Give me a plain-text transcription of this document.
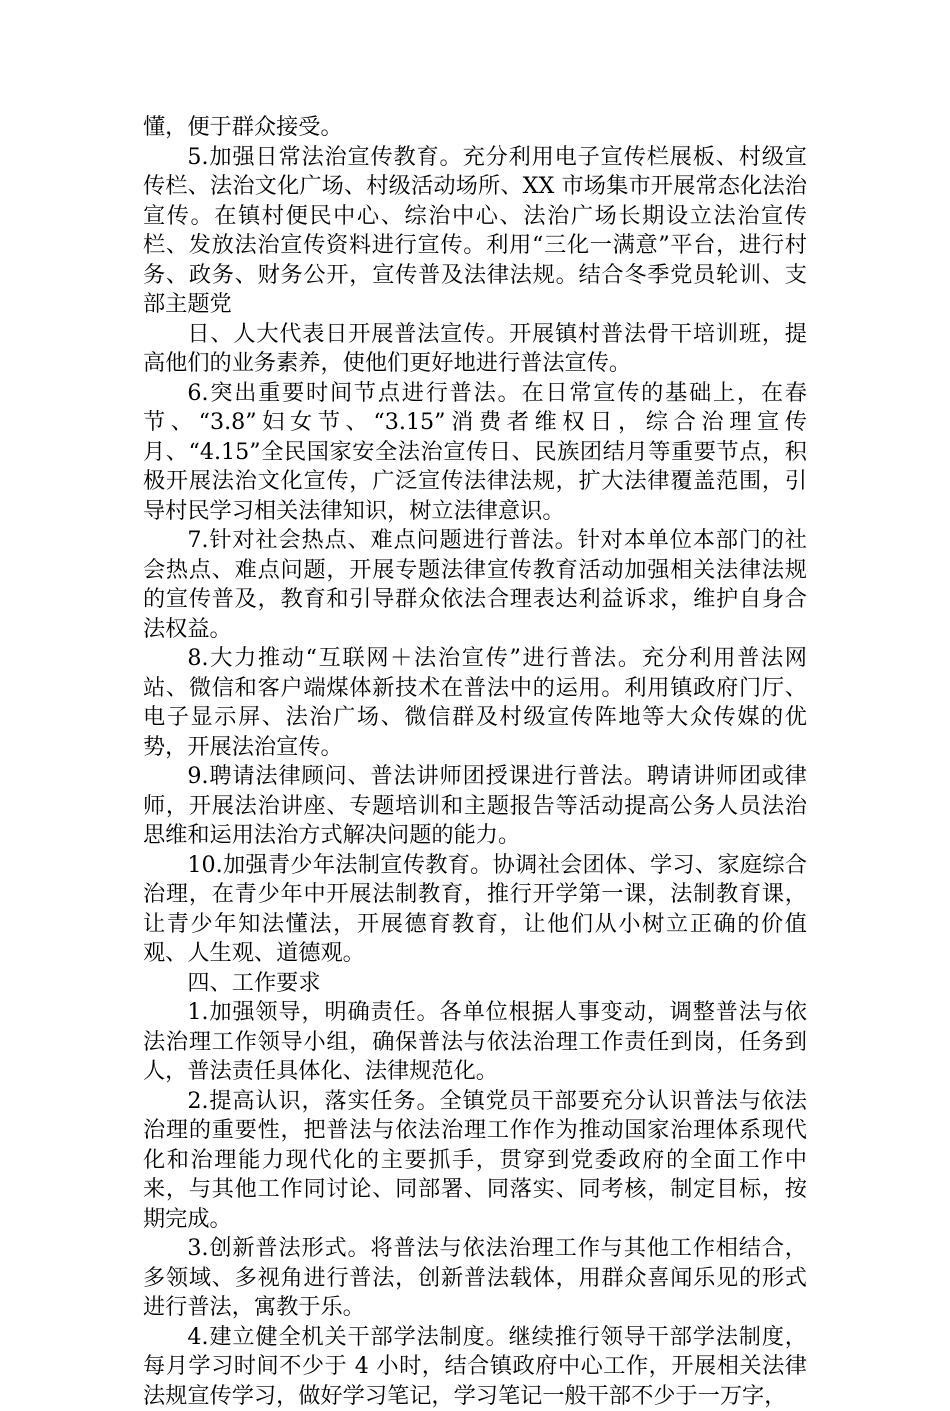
懂，便于群众接受。

5.加强日常法治宣传教育。充分利用电子宣传栏展板、村级宣传栏、法治文化广场、村级活动场所、XX 市场集市开展常态化法治宣传。在镇村便民中心、综治中心、法治广场长期设立法治宣传栏、发放法治宣传资料进行宣传。利用“三化一满意”平台，进行村务、政务、财务公开，宣传普及法律法规。结合冬季党员轮训、支部主题党

日、人大代表日开展普法宣传。开展镇村普法骨干培训班，提高他们的业务素养，使他们更好地进行普法宣传。

6.突出重要时间节点进行普法。在日常宣传的基础上，在春节、“3.8”妇女节、“3.15”消费者维权日，综合治理宣传月、“4.15”全民国家安全法治宣传日、民族团结月等重要节点，积极开展法治文化宣传，广泛宣传法律法规，扩大法律覆盖范围，引导村民学习相关法律知识，树立法律意识。

7.针对社会热点、难点问题进行普法。针对本单位本部门的社会热点、难点问题，开展专题法律宣传教育活动加强相关法律法规的宣传普及，教育和引导群众依法合理表达利益诉求，维护自身合法权益。

8.大力推动“互联网＋法治宣传”进行普法。充分利用普法网站、微信和客户端煤体新技术在普法中的运用。利用镇政府门厅、电子显示屏、法治广场、微信群及村级宣传阵地等大众传媒的优势，开展法治宣传。

9.聘请法律顾问、普法讲师团授课进行普法。聘请讲师团或律师，开展法治讲座、专题培训和主题报告等活动提高公务人员法治思维和运用法治方式解决问题的能力。

10.加强青少年法制宣传教育。协调社会团体、学习、家庭综合治理，在青少年中开展法制教育，推行开学第一课，法制教育课，让青少年知法懂法，开展德育教育，让他们从小树立正确的价值观、人生观、道德观。

四、工作要求

1.加强领导，明确责任。各单位根据人事变动，调整普法与依法治理工作领导小组，确保普法与依法治理工作责任到岗，任务到人，普法责任具体化、法律规范化。

2.提高认识，落实任务。全镇党员干部要充分认识普法与依法治理的重要性，把普法与依法治理工作作为推动国家治理体系现代化和治理能力现代化的主要抓手，贯穿到党委政府的全面工作中来，与其他工作同讨论、同部署、同落实、同考核，制定目标，按期完成。

3.创新普法形式。将普法与依法治理工作与其他工作相结合，多领域、多视角进行普法，创新普法载体，用群众喜闻乐见的形式进行普法，寓教于乐。

4.建立健全机关干部学法制度。继续推行领导干部学法制度，每月学习时间不少于 4 小时，结合镇政府中心工作，开展相关法律法规宣传学习，做好学习笔记，学习笔记一般干部不少于一万字，
